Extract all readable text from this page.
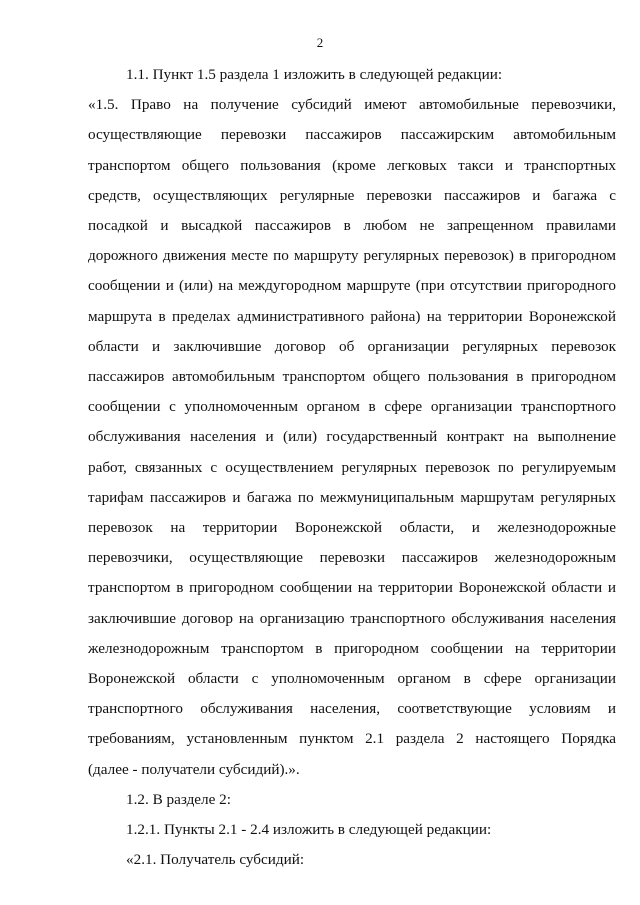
2

1.1. Пункт 1.5 раздела 1 изложить в следующей редакции:

«1.5. Право на получение субсидий имеют автомобильные перевозчики,
осуществляющие перевозки пассажиров пассажирским автомобильным
транспортом общего пользования (кроме легковых такси и транспортных
средств, осуществляющих регулярные перевозки пассажиров и багажа с
посадкой и высадкой пассажиров в любом не запрещенном правилами
дорожного движения месте по маршруту регулярных перевозок) в пригородном
сообщении и (или) на междугородном маршруте (при отсутствии пригородного
маршрута в пределах административного района) на территории Воронежской
области и заключившие договор об организации регулярных перевозок
пассажиров автомобильным транспортом общего пользования в пригородном
сообщении с уполномоченным органом в сфере организации транспортного
обслуживания населения и (или) государственный контракт на выполнение
работ, связанных с осуществлением регулярных перевозок по регулируемым
тарифам пассажиров и багажа по межмуниципальным маршрутам регулярных
перевозок на территории Воронежской области, и железнодорожные
перевозчики, осуществляющие перевозки пассажиров железнодорожным
транспортом в пригородном сообщении на территории Воронежской области и
заключившие договор на организацию транспортного обслуживания населения
железнодорожным транспортом в пригородном сообщении на территории
Воронежской области с уполномоченным органом в сфере организации
транспортного обслуживания населения, соответствующие условиям и
требованиям, установленным пунктом 2.1 раздела 2 настоящего Порядка
(далее - получатели субсидий).».

1.2. В разделе 2:

1.2.1. Пункты 2.1 - 2.4 изложить в следующей редакции:

«2.1. Получатель субсидий:
